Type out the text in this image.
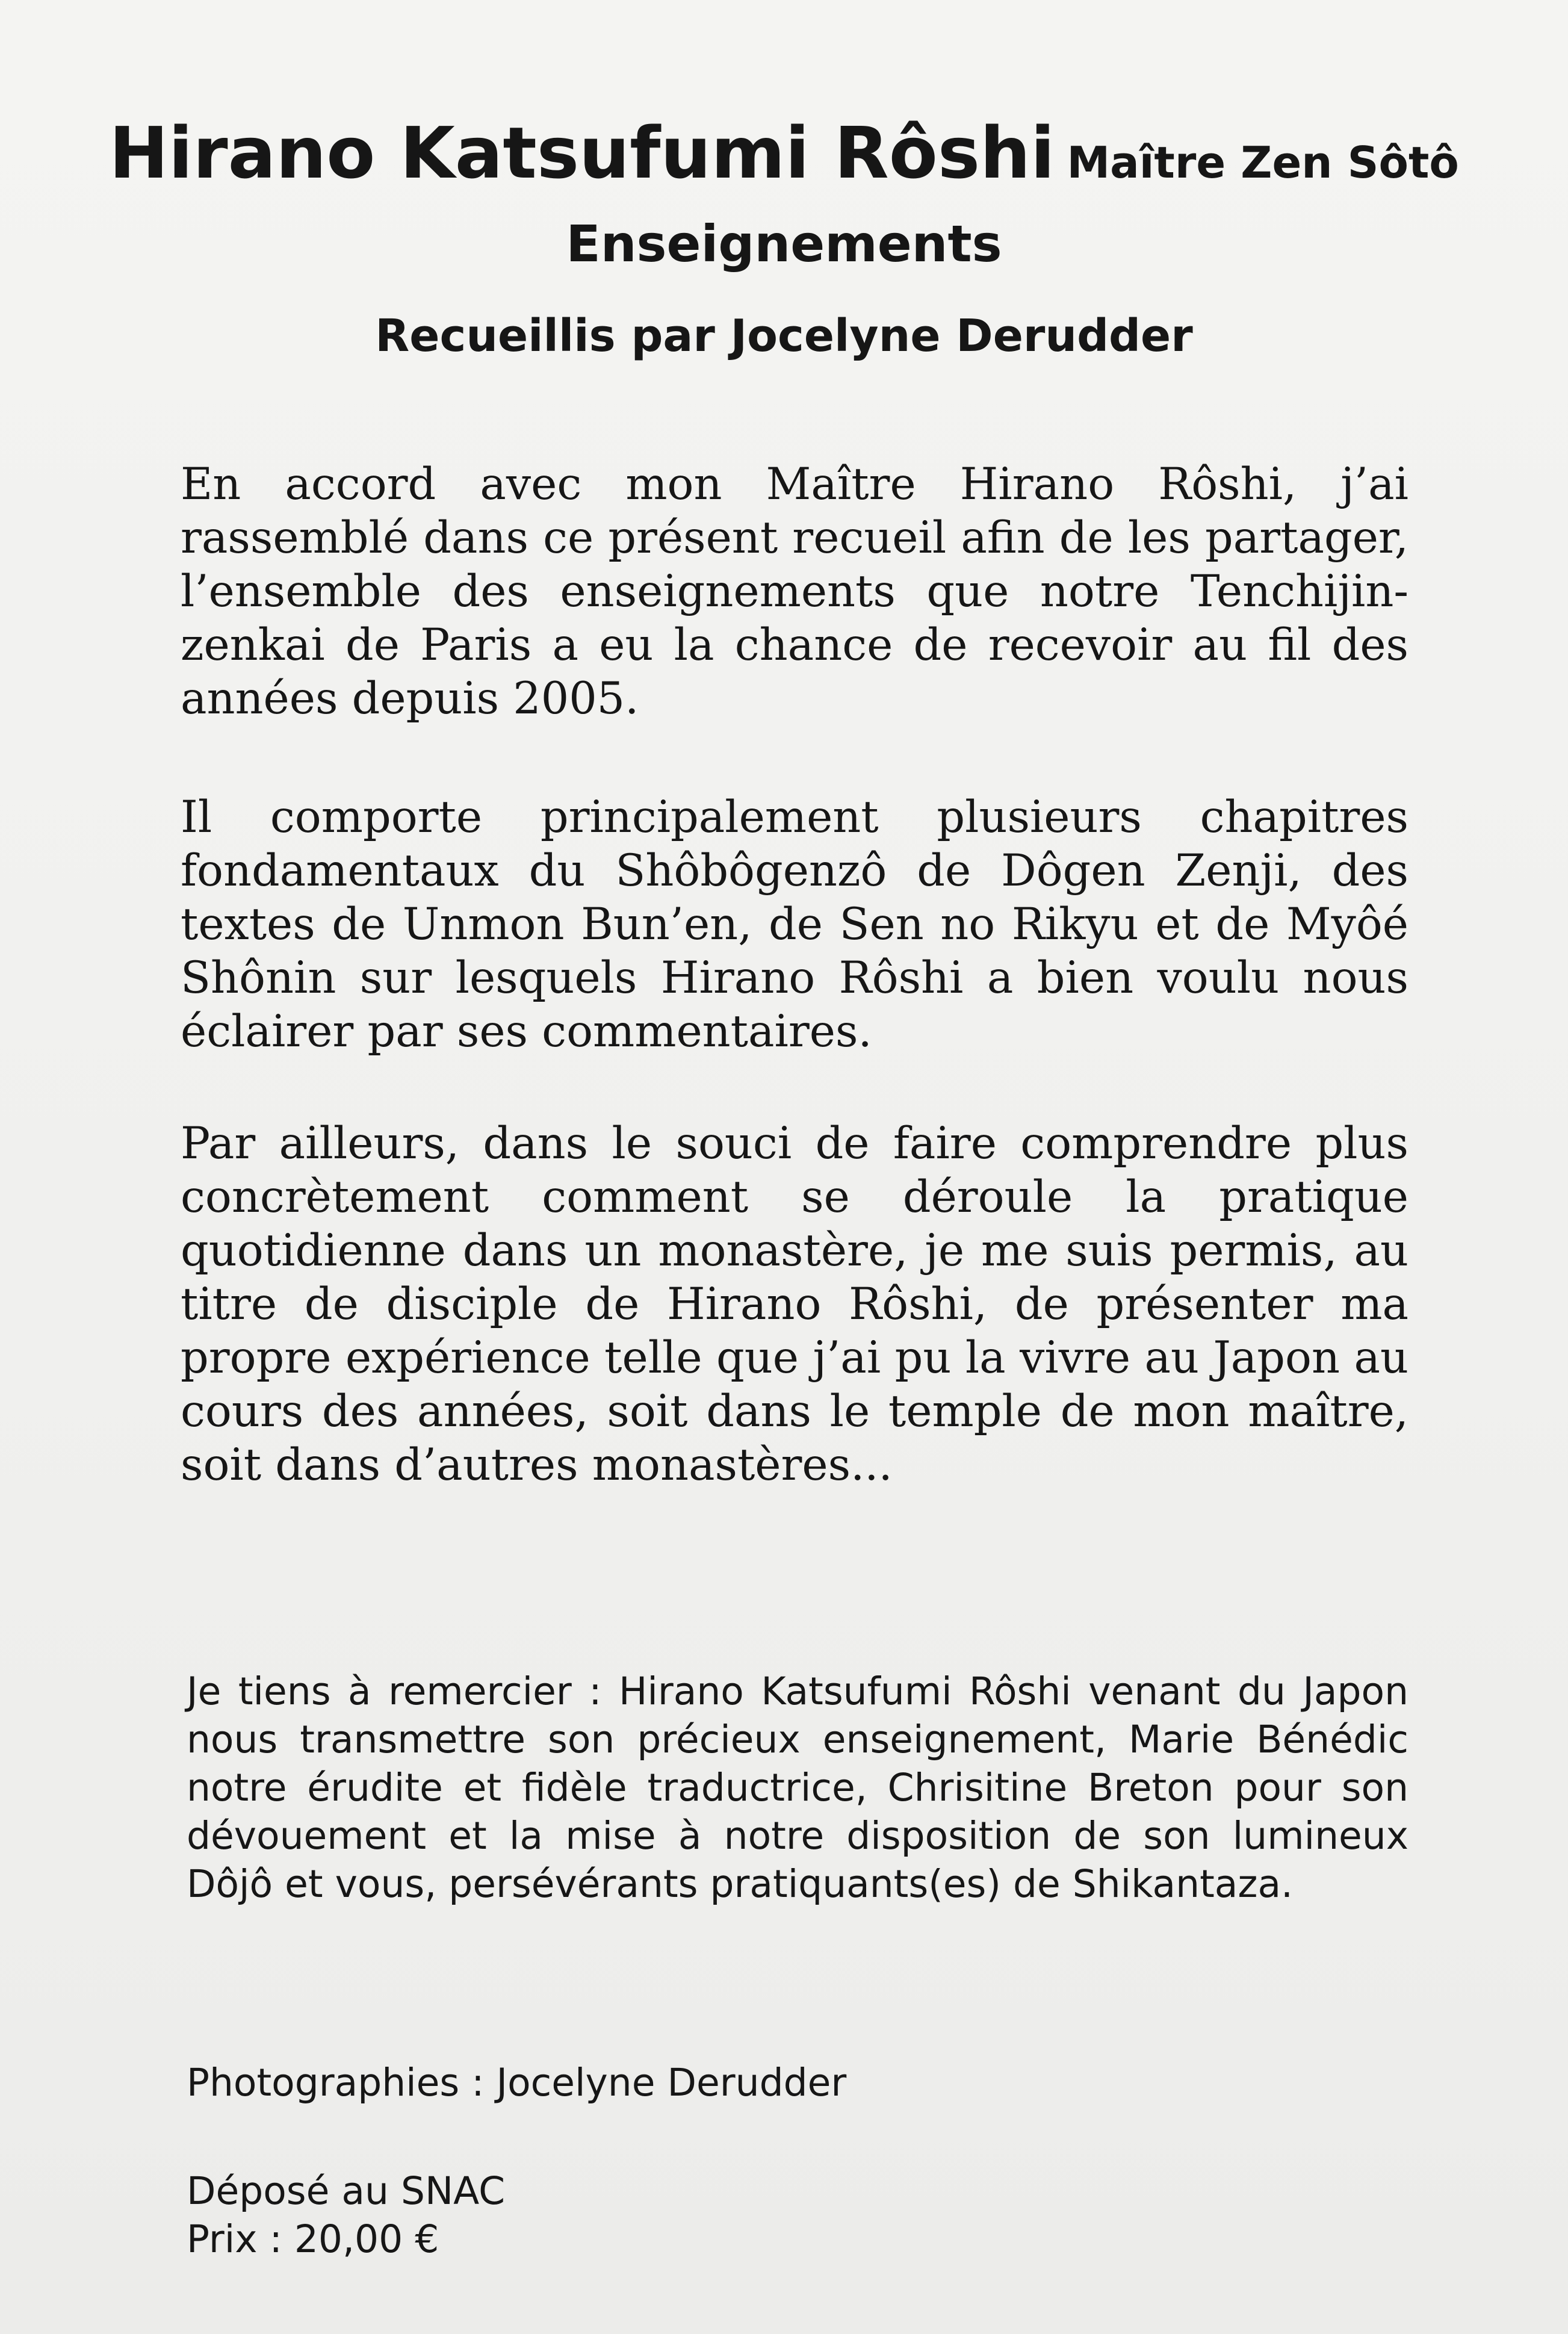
Hirano Katsufumi Rôshi Maître Zen Sôtô
Enseignements
Recueillis par Jocelyne Derudder

En accord avec mon Maître Hirano Rôshi, j’ai rassemblé dans ce présent recueil afin de les partager, l’ensemble des enseignements que notre Tenchijin-zenkai de Paris a eu la chance de recevoir au fil des années depuis 2005.

Il comporte principalement plusieurs chapitres fondamentaux du Shôbôgenzô de Dôgen Zenji, des textes de Unmon Bun’en, de Sen no Rikyu et de Myôé Shônin sur lesquels Hirano Rôshi a bien voulu nous éclairer par ses commentaires.

Par ailleurs, dans le souci de faire comprendre plus concrètement comment se déroule la pratique quotidienne dans un monastère, je me suis permis, au titre de disciple de Hirano Rôshi, de présenter ma propre expérience telle que j’ai pu la vivre au Japon au cours des années, soit dans le temple de mon maître, soit dans d’autres monastères...

Je tiens à remercier : Hirano Katsufumi Rôshi venant du Japon nous transmettre son précieux enseignement, Marie Bénédic notre érudite et fidèle traductrice, Chrisitine Breton pour son dévouement et la mise à notre disposition de son lumineux Dôjô et vous, persévérants pratiquants(es) de Shikantaza.

Photographies : Jocelyne Derudder

Déposé au SNAC

Prix : 20,00 €
